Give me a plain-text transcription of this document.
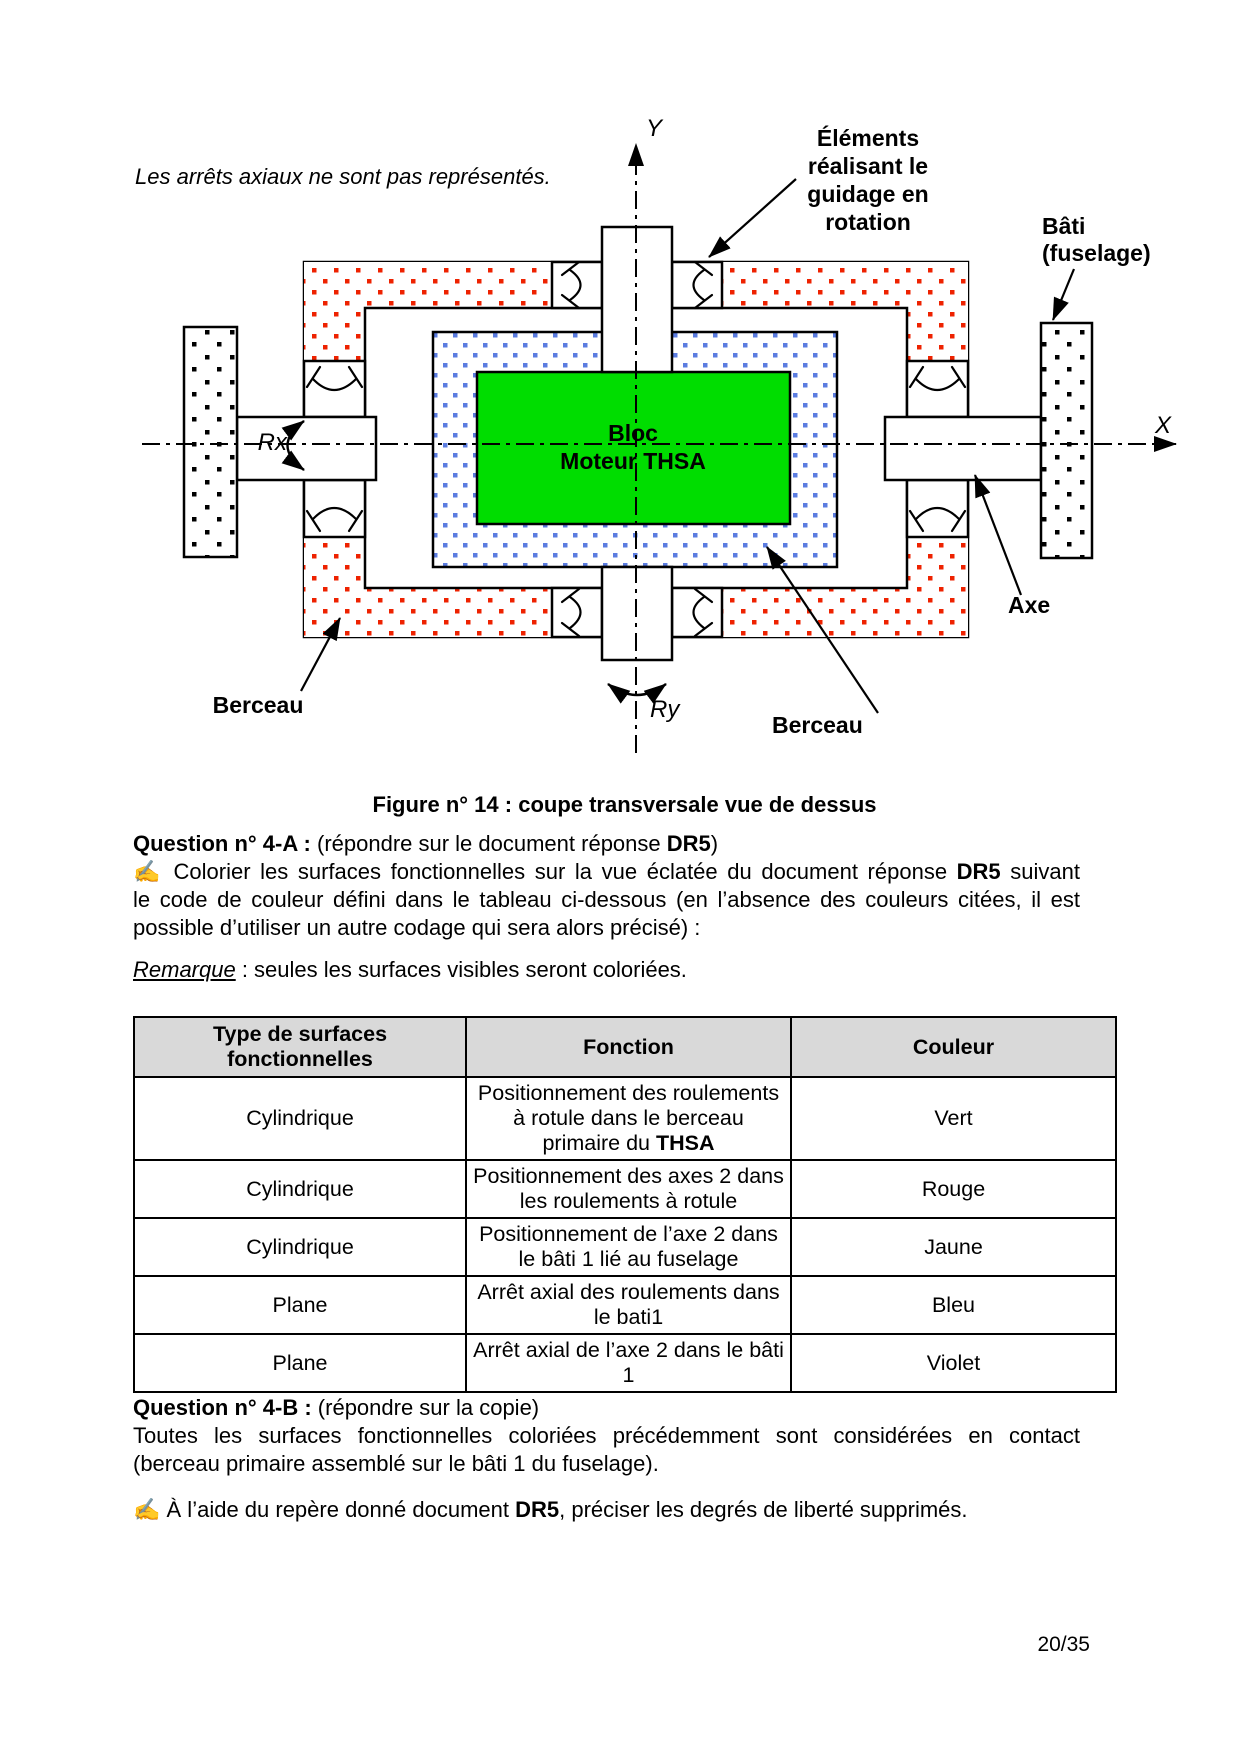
Bloc
Moteur THSA
Éléments
réalisant le
guidage en
rotation	Bâti
(fuselage)
Axe
Berceau
Berceau
Rx
Ry
Y
X
Les arrêts axiaux ne sont pas représentés.
Figure n° 14 : coupe transversale vue de dessus
Question n° 4-A : (répondre sur le document réponse DR5)
✍ Colorier les surfaces fonctionnelles sur la vue éclatée du document réponse DR5 suivant
le code de couleur défini dans le tableau ci-dessous (en l’absence des couleurs citées, il est
possible d’utiliser un autre codage qui sera alors précisé) :
Remarque : seules les surfaces visibles seront coloriées.
Type de surfaces fonctionnelles	Fonction	Couleur
Cylindrique	Positionnement des roulements à rotule dans le berceau primaire du THSA	Vert
Cylindrique	Positionnement des axes 2 dans les roulements à rotule	Rouge
Cylindrique	Positionnement de l’axe 2 dans le bâti 1 lié au fuselage	Jaune
Plane	Arrêt axial des roulements dans le bati1	Bleu
Plane	Arrêt axial de l’axe 2 dans le bâti 1	Violet
Question n° 4-B : (répondre sur la copie)
Toutes les surfaces fonctionnelles coloriées précédemment sont considérées en contact
(berceau primaire assemblé sur le bâti 1 du fuselage).
✍ À l’aide du repère donné document DR5, préciser les degrés de liberté supprimés.
20/35
